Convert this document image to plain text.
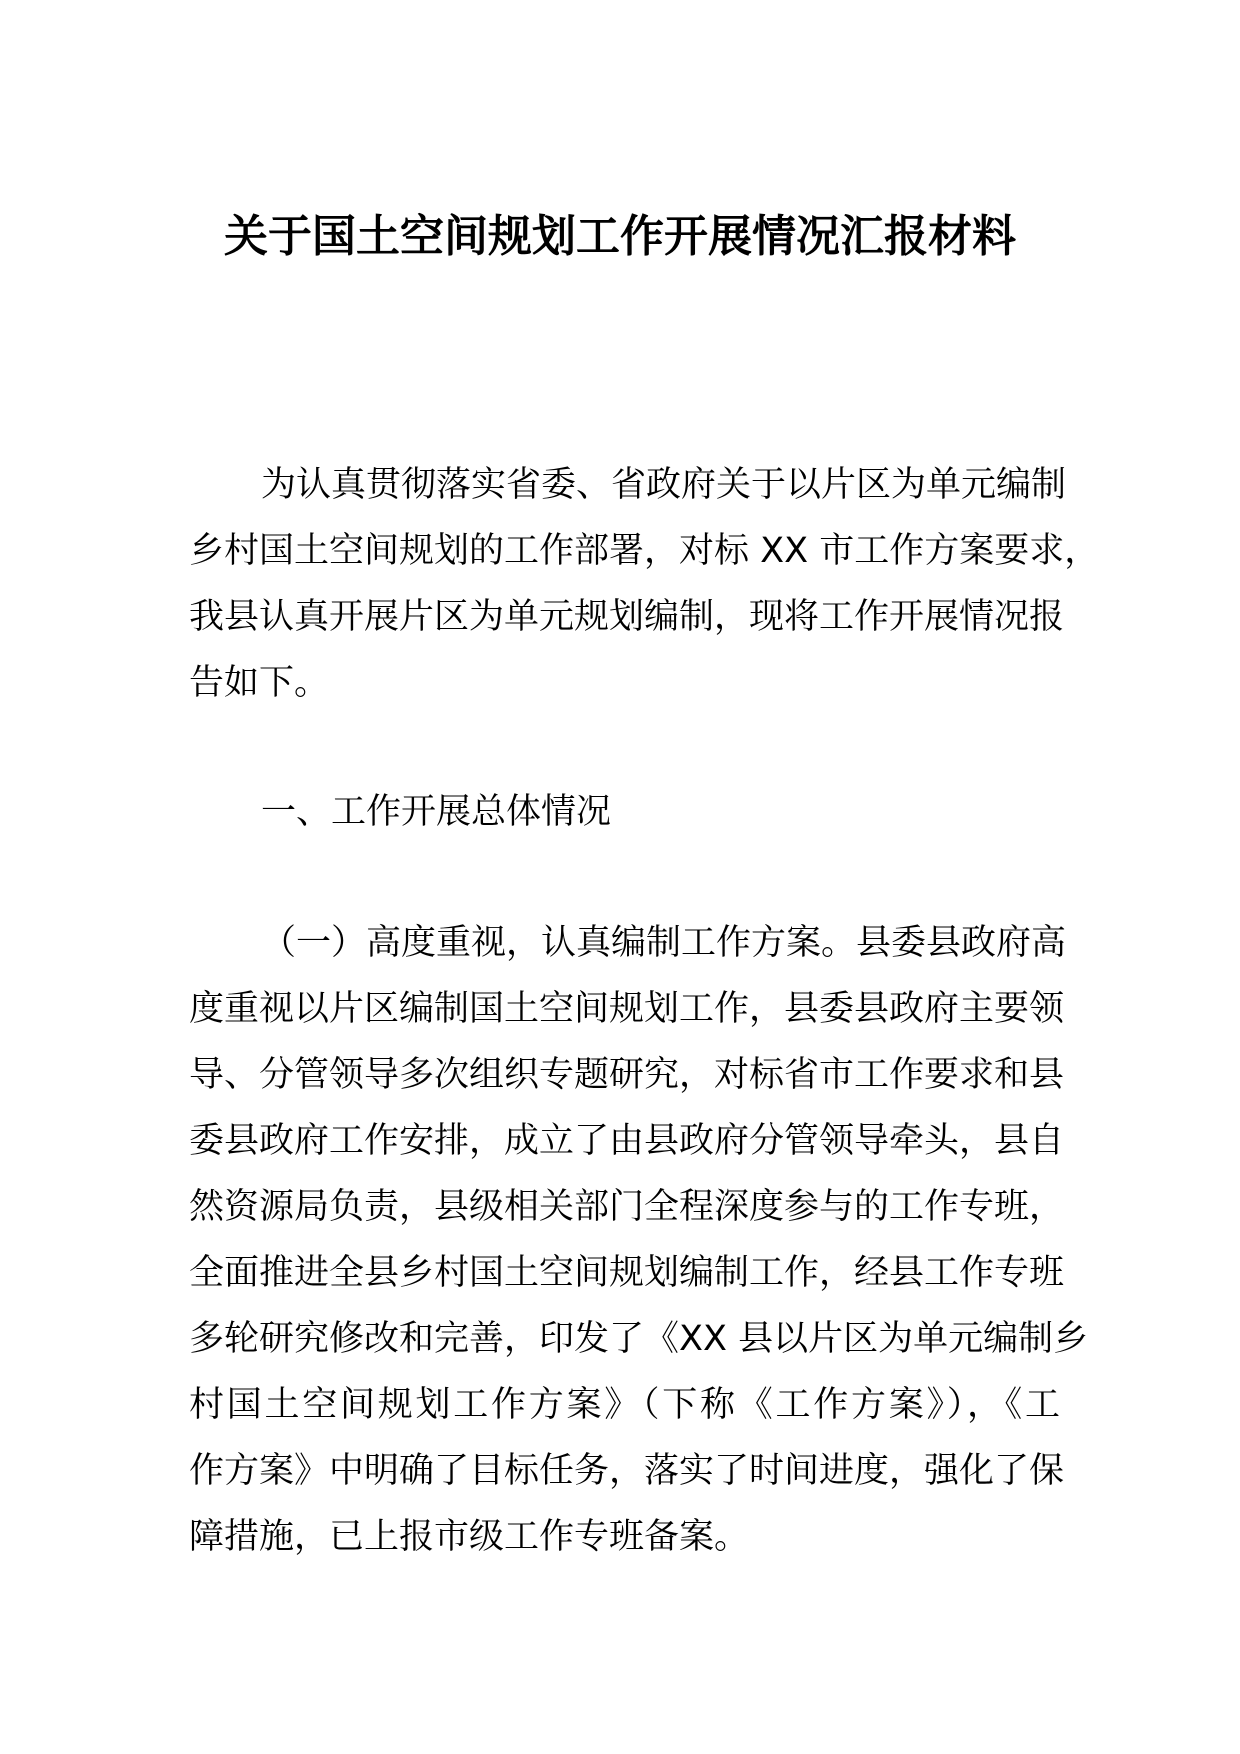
关于国土空间规划工作开展情况汇报材料
为认真贯彻落实省委、省政府关于以片区为单元编制
乡村国土空间规划的工作部署，对标 XX 市工作方案要求，
我县认真开展片区为单元规划编制，现将工作开展情况报
告如下。
一、工作开展总体情况
（一）高度重视，认真编制工作方案。县委县政府高
度重视以片区编制国土空间规划工作，县委县政府主要领
导、分管领导多次组织专题研究，对标省市工作要求和县
委县政府工作安排，成立了由县政府分管领导牵头，县自
然资源局负责，县级相关部门全程深度参与的工作专班，
全面推进全县乡村国土空间规划编制工作，经县工作专班
多轮研究修改和完善，印发了《XX 县以片区为单元编制乡
村国土空间规划工作方案》（下称《工作方案》），《工
作方案》中明确了目标任务，落实了时间进度，强化了保
障措施，已上报市级工作专班备案。
